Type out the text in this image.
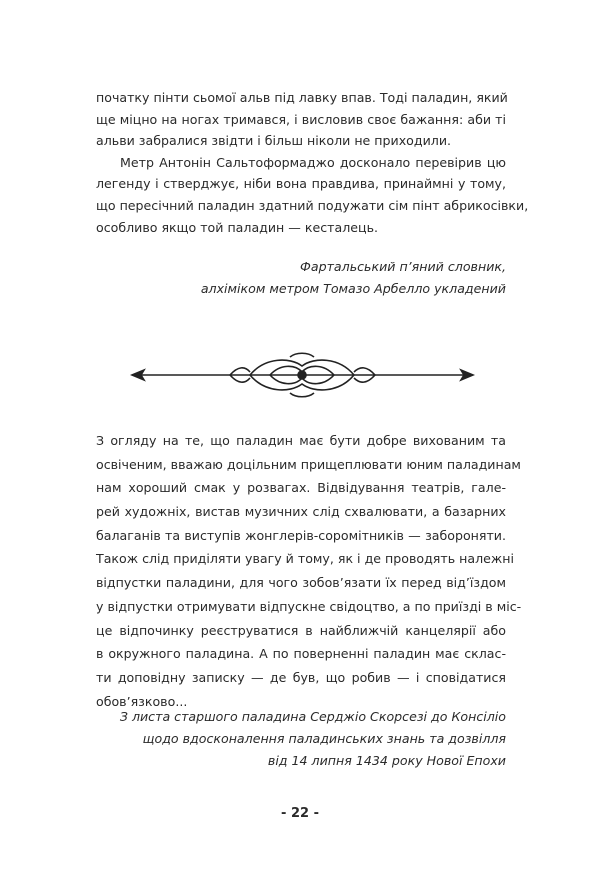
початку пінти сьомої альв під лавку впав. Тоді паладин, який
ще міцно на ногах тримався, і висловив своє бажання: аби ті
альви забралися звідти і більш ніколи не приходили.
Метр Антонін Сальтоформаджо досконало перевірив цю
легенду і стверджує, ніби вона правдива, принаймні у тому,
що пересічний паладин здатний подужати сім пінт абрикосівки,
особливо якщо той паладин — кесталець.
Фартальський п’яний словник,
алхіміком метром Томазо Арбелло укладений
З огляду на те, що паладин має бути добре вихованим та
освіченим, вважаю доцільним прищеплювати юним паладинам
нам хороший смак у розвагах. Відвідування театрів, гале-
рей художніх, вистав музичних слід схвалювати, а базарних
балаганів та виступів жонглерів-соромітників — забороняти.
Також слід приділяти увагу й тому, як і де проводять належні
відпустки паладини, для чого зобов’язати їх перед від’їздом
у відпустки отримувати відпускне свідоцтво, а по приїзді в міс-
це відпочинку реєструватися в найближчій канцелярії або
в окружного паладина. А по поверненні паладин має склас-
ти доповідну записку — де був, що робив — і сповідатися
обов’язково...
З листа старшого паладина Серджіо Скорсезі до Консіліо
щодо вдосконалення паладинських знань та дозвілля
від 14 липня 1434 року Нової Епохи
- 22 -
